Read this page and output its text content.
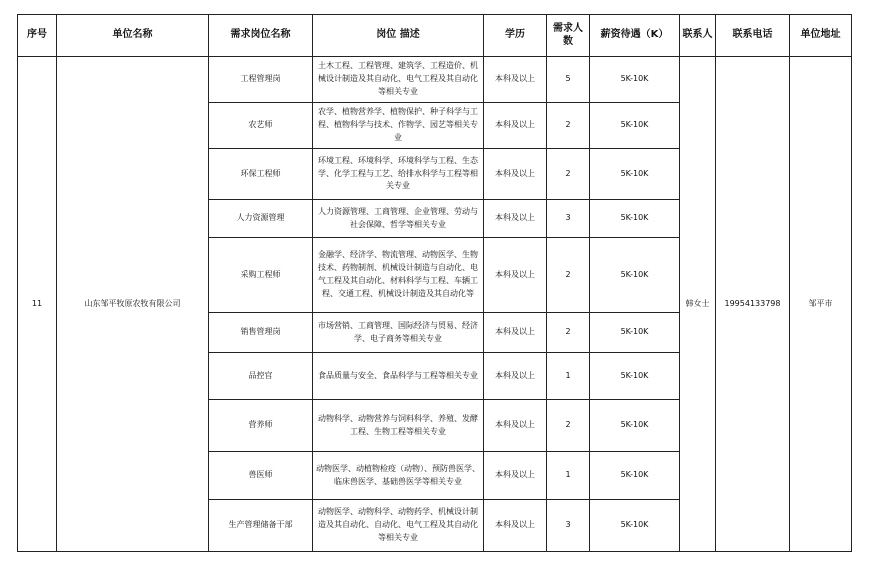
序号	单位名称	需求岗位名称	岗位 描述	学历	需求人数	薪资待遇（K）	联系人	联系电话	单位地址
11	山东邹平牧原农牧有限公司	工程管理岗	土木工程、工程管理、建筑学、工程造价、机械设计制造及其自动化、电气工程及其自动化等相关专业	本科及以上	5	5K-10K	韩女士	19954133798	邹平市
		农艺师	农学、植物营养学、植物保护、种子科学与工程、植物科学与技术、作物学、园艺等相关专业	本科及以上	2	5K-10K			
		环保工程师	环境工程、环境科学、环境科学与工程、生态学、化学工程与工艺、给排水科学与工程等相关专业	本科及以上	2	5K-10K			
		人力资源管理	人力资源管理、工商管理、企业管理、劳动与社会保障、哲学等相关专业	本科及以上	3	5K-10K			
		采购工程师	金融学、经济学、物流管理、动物医学、生物技术、药物制剂、机械设计制造与自动化、电气工程及其自动化、材料科学与工程、车辆工程、交通工程、机械设计制造及其自动化等	本科及以上	2	5K-10K			
		销售管理岗	市场营销、工商管理、国际经济与贸易、经济学、电子商务等相关专业	本科及以上	2	5K-10K			
		品控官	食品质量与安全、食品科学与工程等相关专业	本科及以上	1	5K-10K			
		营养师	动物科学、动物营养与饲料科学、养殖、发酵工程、生物工程等相关专业	本科及以上	2	5K-10K			
		兽医师	动物医学、动植物检疫（动物）、预防兽医学、临床兽医学、基础兽医学等相关专业	本科及以上	1	5K-10K			
		生产管理储备干部	动物医学、动物科学、动物药学、机械设计制造及其自动化、自动化、电气工程及其自动化等相关专业	本科及以上	3	5K-10K			
